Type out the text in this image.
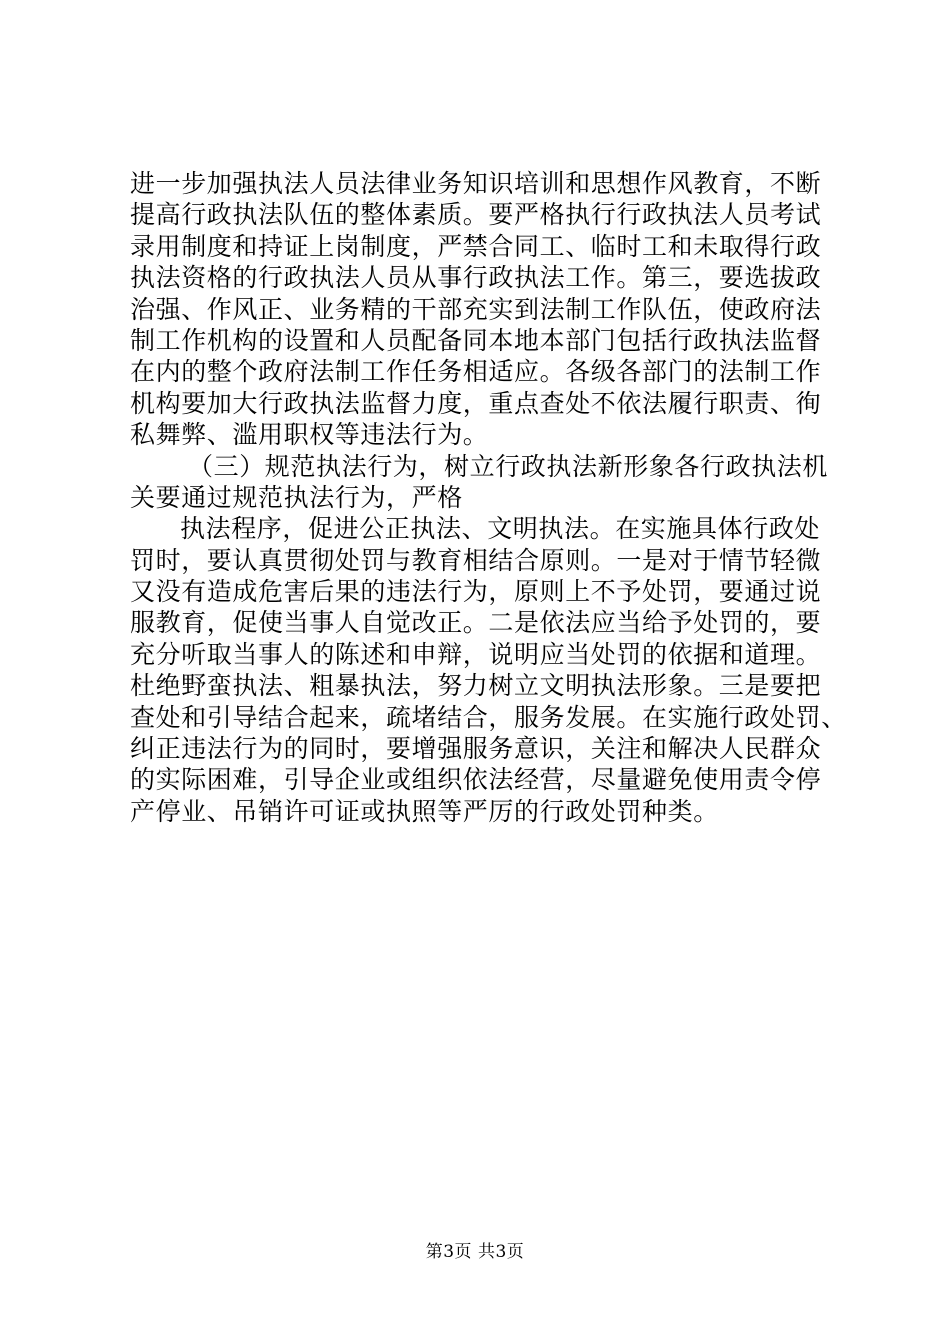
进一步加强执法人员法律业务知识培训和思想作风教育，不断
提高行政执法队伍的整体素质。要严格执行行政执法人员考试
录用制度和持证上岗制度，严禁合同工、临时工和未取得行政
执法资格的行政执法人员从事行政执法工作。第三，要选拔政
治强、作风正、业务精的干部充实到法制工作队伍，使政府法
制工作机构的设置和人员配备同本地本部门包括行政执法监督
在内的整个政府法制工作任务相适应。各级各部门的法制工作
机构要加大行政执法监督力度，重点查处不依法履行职责、徇
私舞弊、滥用职权等违法行为。
（三）规范执法行为，树立行政执法新形象各行政执法机
关要通过规范执法行为，严格
执法程序，促进公正执法、文明执法。在实施具体行政处
罚时，要认真贯彻处罚与教育相结合原则。一是对于情节轻微
又没有造成危害后果的违法行为，原则上不予处罚，要通过说
服教育，促使当事人自觉改正。二是依法应当给予处罚的，要
充分听取当事人的陈述和申辩，说明应当处罚的依据和道理。
杜绝野蛮执法、粗暴执法，努力树立文明执法形象。三是要把
查处和引导结合起来，疏堵结合，服务发展。在实施行政处罚、
纠正违法行为的同时，要增强服务意识，关注和解决人民群众
的实际困难，引导企业或组织依法经营，尽量避免使用责令停
产停业、吊销许可证或执照等严厉的行政处罚种类。
第3页 共3页
